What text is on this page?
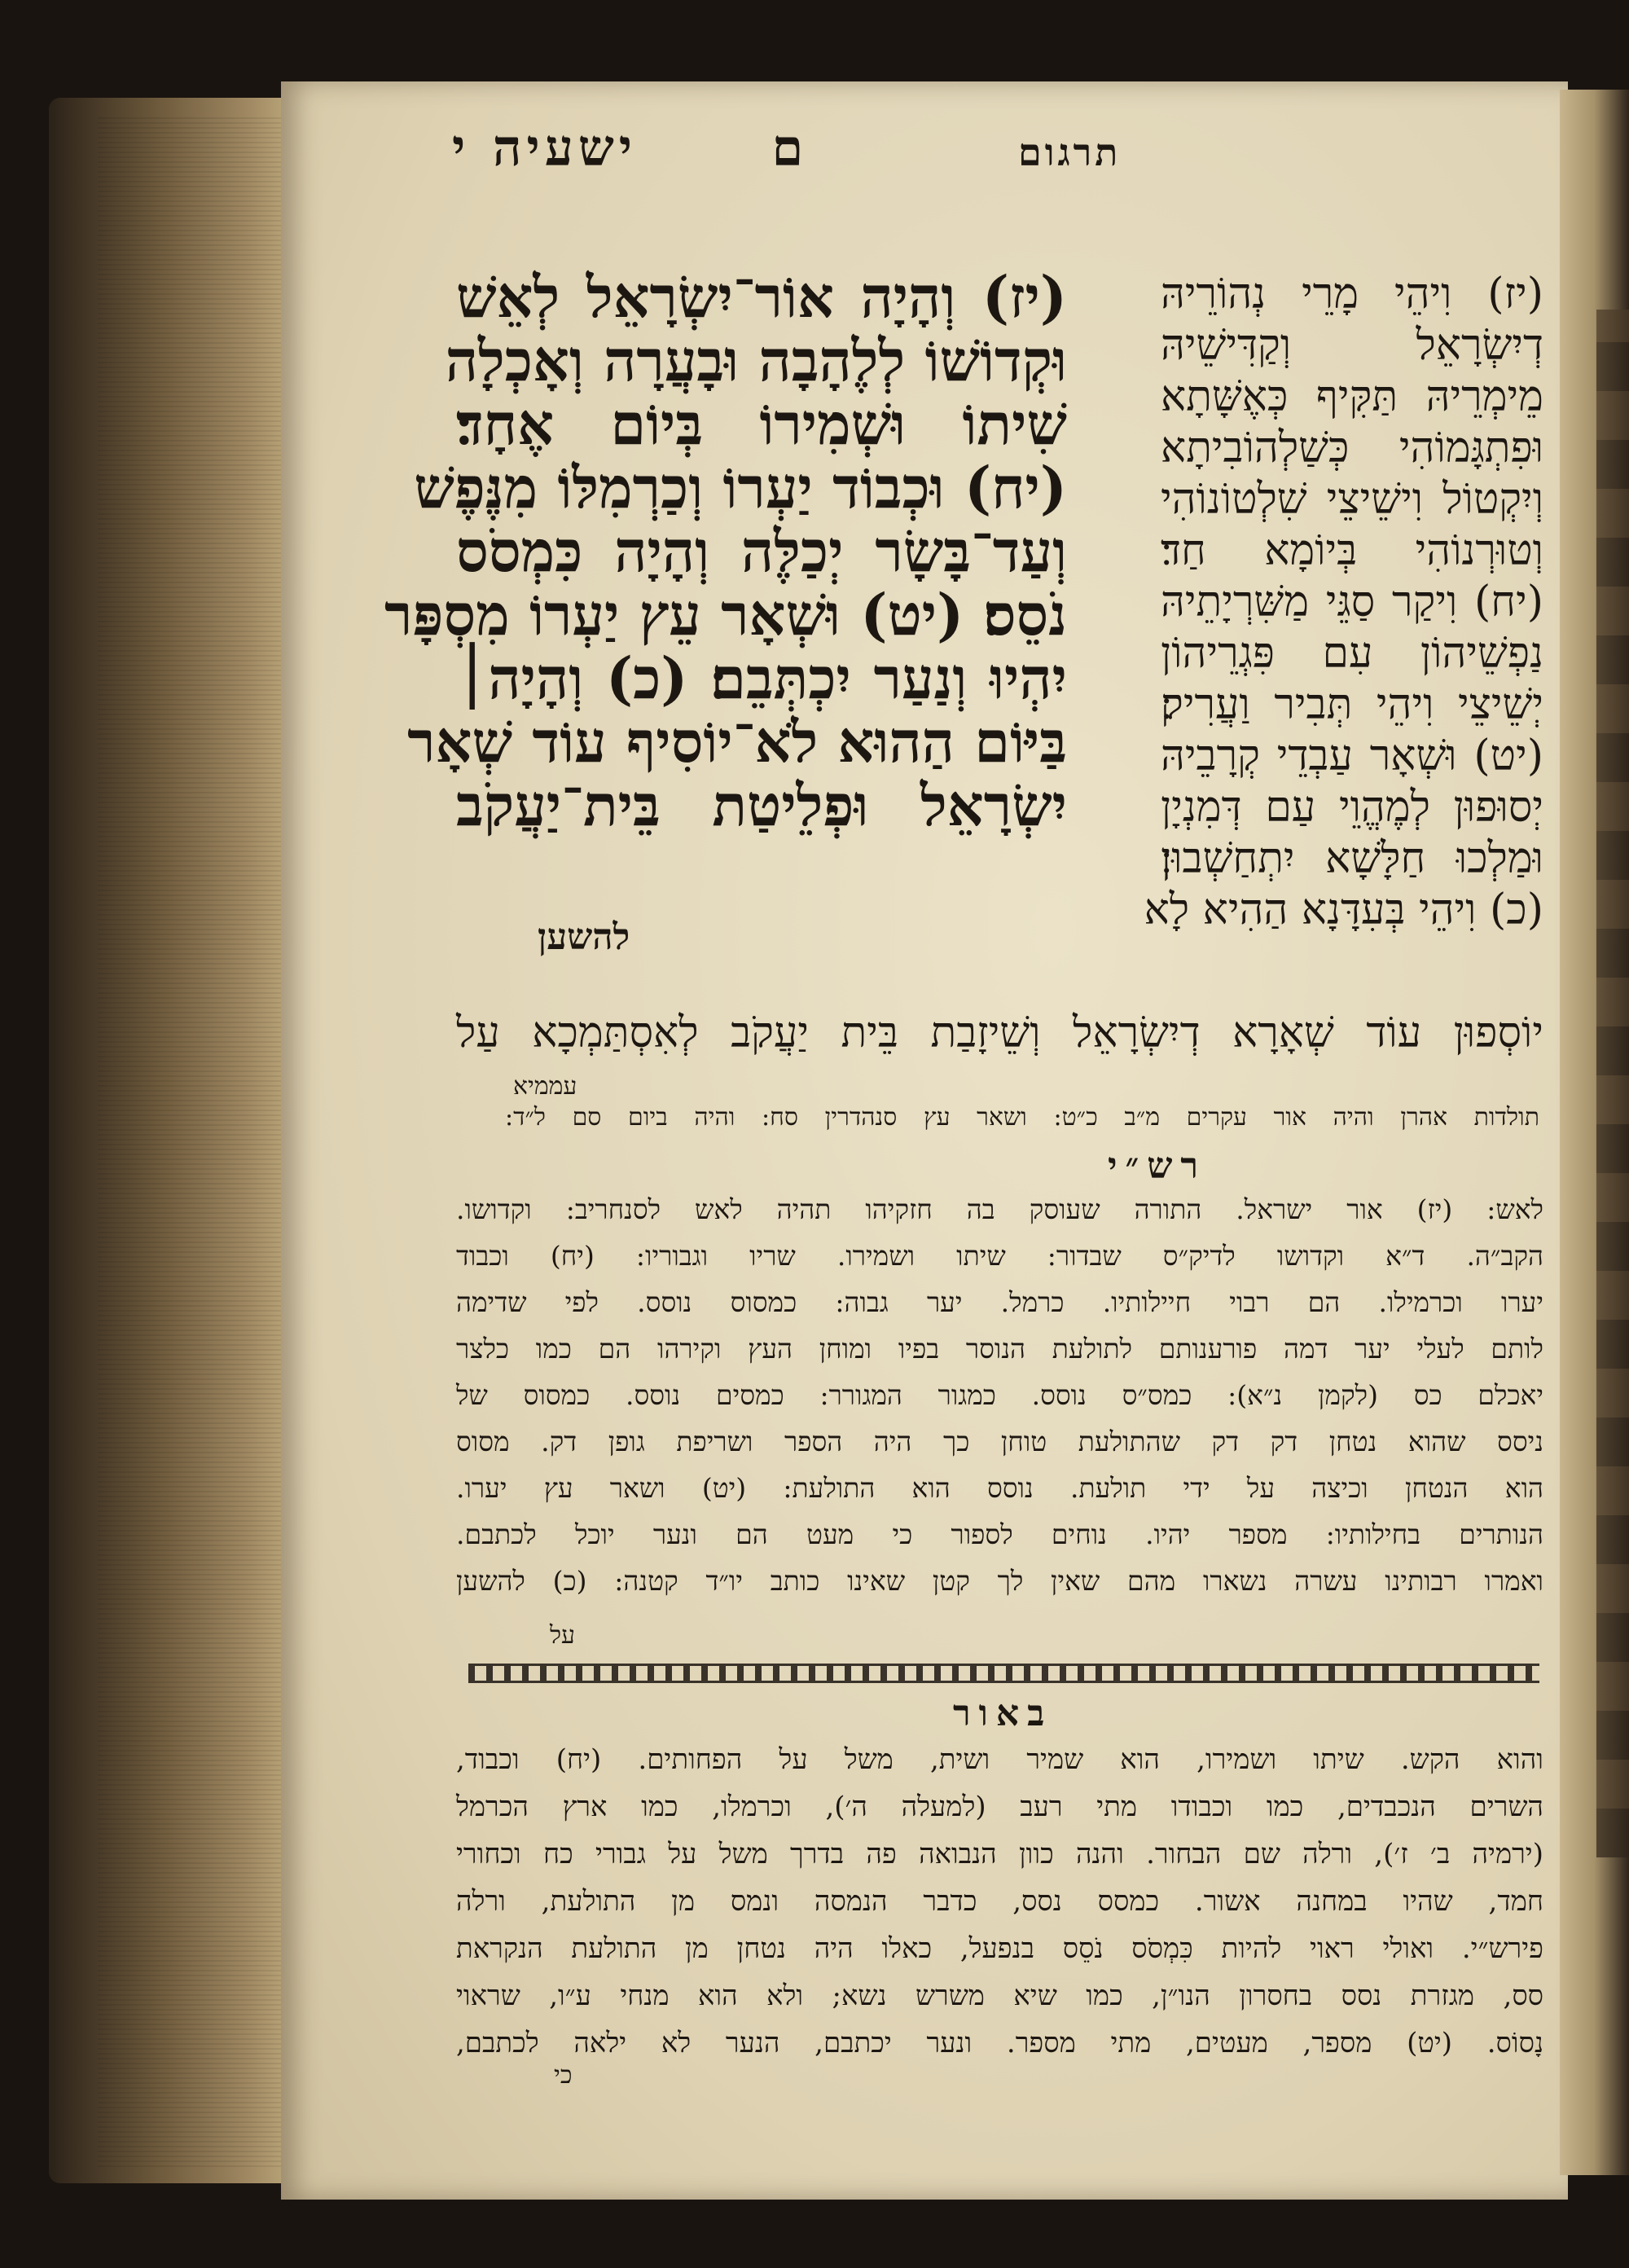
ם      ישעיה י	תרגום
(יז) וְהָיָה אוֹר־יִשְׂרָאֵל לְאֵשׁ
וּקְדוֹשׁוֹ לְלֶהָבָה וּבָעֲרָה וְאָכְלָה
שִׁיתוֹ וּשְׁמִירוֹ בְּיוֹם אֶחָד׃
(יח) וּכְבוֹד יַעְרוֹ וְכַרְמִלּוֹ מִנֶּפֶשׁ
וְעַד־בָּשָׂר יְכַלֶּה וְהָיָה כִּמְסֹס
נֹסֵס׃ (יט) וּשְׁאָר עֵץ יַעְרוֹ מִסְפָּר
יִהְיוּ וְנַעַר יִכְתְּבֵם׃ (כ) וְהָיָה׀
בַּיּוֹם הַהוּא לֹא־יוֹסִיף עוֹד שְׁאָר
יִשְׂרָאֵל וּפְלֵיטַת בֵּית־יַעֲקֹב
להשען
(יז) וִיהֵי מָרֵי נְהוֹרֵיהּ
דְיִשְׂרָאֵל וְקַדִּישֵׁיהּ
מֵימְרֵיהּ תַּקִּיף כְּאֶשָּׁתָא
וּפִתְגָּמוֹהִי כְּשַׁלְהוֹבִיתָא
וְיִקְטוֹל וִישֵׁיצֵי שִׁלְטוֹנוֹהִי
וְטוּרְנוֹהִי בְּיוֹמָא חַד׃
(יח) וִיקַר סַגֵּי מַשִּׁרְיָתֵיהּ
נַפְשֵׁיהוֹן עִם פִּגְרֵיהוֹן
יְשֵׁיצֵי וִיהֵי תְּבִיר וַעֲרִיק׃
(יט) וּשְׁאָר עַבְדֵי קְרָבֵיהּ
יְסוּפוּן לְמֶהֱוֵי עַם דְּמִנְיָן
וּמַלְכוּ חַלָּשָׁא יִתְחַשְׁבוּן׃
(כ) וִיהֵי בְּעִדָּנָא הַהִיא לָא
יוֹסְפוּן עוֹד שְׁאָרָא דְיִשְׂרָאֵל וְשֵׁיזָבַת בֵּית יַעֲקֹב לְאִסְתַּמְכָא עַל
עממיא
תולדות אהרן והיה אור עקרים מ״ב כ״ט: ושאר עץ סנהדרין סח: והיה ביום סם ל״ד:
רש״י
לאש: (יז) אור ישראל. התורה שעוסק בה חזקיהו תהיה לאש לסנחריב: וקדושו.
הקב״ה. ד״א וקדושו לדיק״ס שבדור: שיתו ושמירו. שריו וגבוריו: (יח) וכבוד
יערו וכרמילו. הם רבוי חיילותיו. כרמל. יער גבוה: כמסוס נוסס. לפי שדימה
לותם לעלי יער דמה פורענותם לתולעת הנוסר בפיו ומוחן העץ וקירהו הם כמו כלצר
יאכלם כס (לקמן נ״א): כמס״ס נוסס. כמגור המגורר: כמסים נוסס. כמסוס של
ניסס שהוא נטחן דק דק שהתולעת טוחן כך היה הספר ושריפת גופן דק. מסוס
הוא הנטחן וכיצה על ידי תולעת. נוסס הוא התולעת: (יט) ושאר עץ יערו.
הנותרים בחילותיו: מספר יהיו. נוחים לספור כי מעט הם ונער יוכל לכתבם.
ואמרו רבותינו עשרה נשארו מהם שאין לך קטן שאינו כותב יו״ד קטנה: (כ) להשען
על
באור
והוא הקש. שיתו ושמירו, הוא שמיר ושית, משל על הפחותים. (יח) וכבוד,
השרים הנכבדים, כמו וכבודו מתי רעב (למעלה ה׳), וכרמלו, כמו ארץ הכרמל
(ירמיה ב׳ ז׳), ורלה שם הבחור. והנה כוון הנבואה פה בדרך משל על גבורי כח וכחורי
חמד, שהיו במחנה אשור. כמסס נסס, כדבר הנמסה ונמס מן התולעת, ורלה
פירש״י. ואולי ראוי להיות כִּמְסֹס נֹסֵס בנפעל, כאלו היה נטחן מן התולעת הנקראת
סס, מגזרת נסס בחסרון הנו״ן, כמו שיא משרש נשא; ולא הוא מנחי ע״ו, שראוי
נָסוֹס. (יט) מספר, מעטים, מתי מספר. ונער יכתבם, הנער לא ילאה לכתבם,
כי
